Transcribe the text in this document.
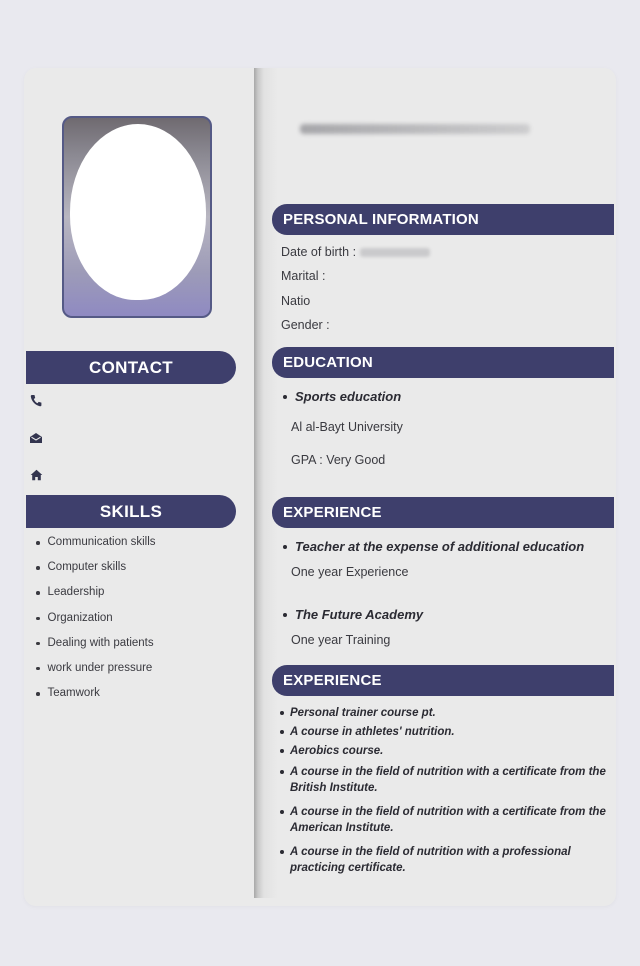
CONTACT
SKILLS
Communication skills
Computer skills
Leadership
Organization
Dealing with patients
work under pressure
Teamwork
PERSONAL INFORMATION
Date of birth :
Marital :
Natio
Gender :
EDUCATION
Sports education
Al al-Bayt University
GPA : Very Good
EXPERIENCE
Teacher at the expense of additional education
One year Experience
The Future Academy
One year Training
EXPERIENCE
Personal trainer course pt.
A course in athletes' nutrition.
Aerobics course.
A course in the field of nutrition with a certificate from the British Institute.
A course in the field of nutrition with a certificate from the American Institute.
A course in the field of nutrition with a professional practicing certificate.
